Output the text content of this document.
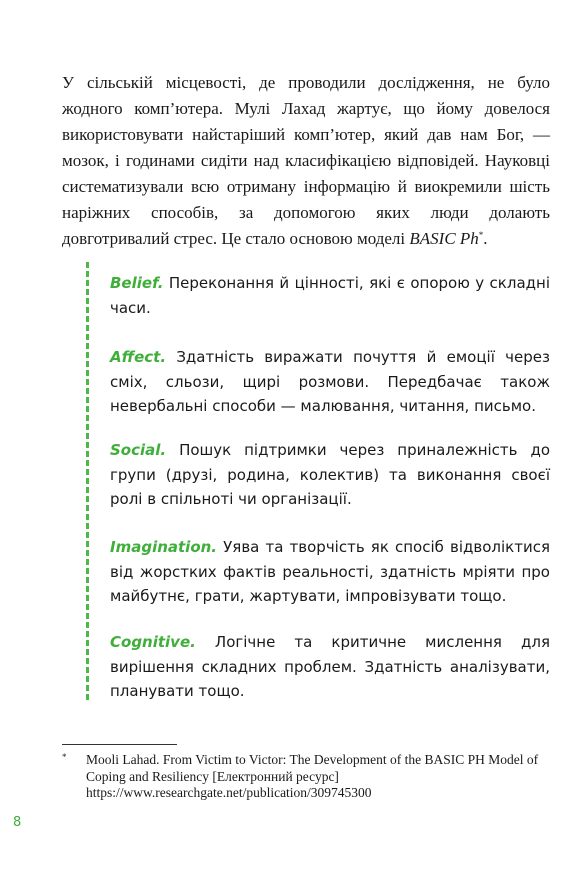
У сільській місцевості, де проводили дослідження, не було жодного комп’ютера. Мулі Лахад жартує, що йому довелося використовувати найстаріший комп’ютер, який дав нам Бог, — мозок, і годинами сидіти над класифікацією відповідей. Науковці систематизували всю отриману інформацію й виокремили шість наріжних способів, за допомогою яких люди долають довготривалий стрес. Це стало основою моделі BASIC Ph*.

Belief. Переконання й цінності, які є опорою у складні часи.

Affect. Здатність виражати почуття й емоції через сміх, сльози, щирі розмови. Передбачає також невербальні способи — малювання, читання, письмо.

Social. Пошук підтримки через приналежність до групи (друзі, родина, колектив) та виконання своєї ролі в спільноті чи організації.

Imagination. Уява та творчість як спосіб відволіктися від жорстких фактів реальності, здатність мріяти про майбутнє, грати, жартувати, імпровізувати тощо.

Cognitive. Логічне та критичне мислення для вирішення складних проблем. Здатність аналізувати, планувати тощо.

* Mooli Lahad. From Victim to Victor: The Development of the BASIC PH Model of Coping and Resiliency [Електронний ресурс] https://www.researchgate.net/publication/309745300
8
